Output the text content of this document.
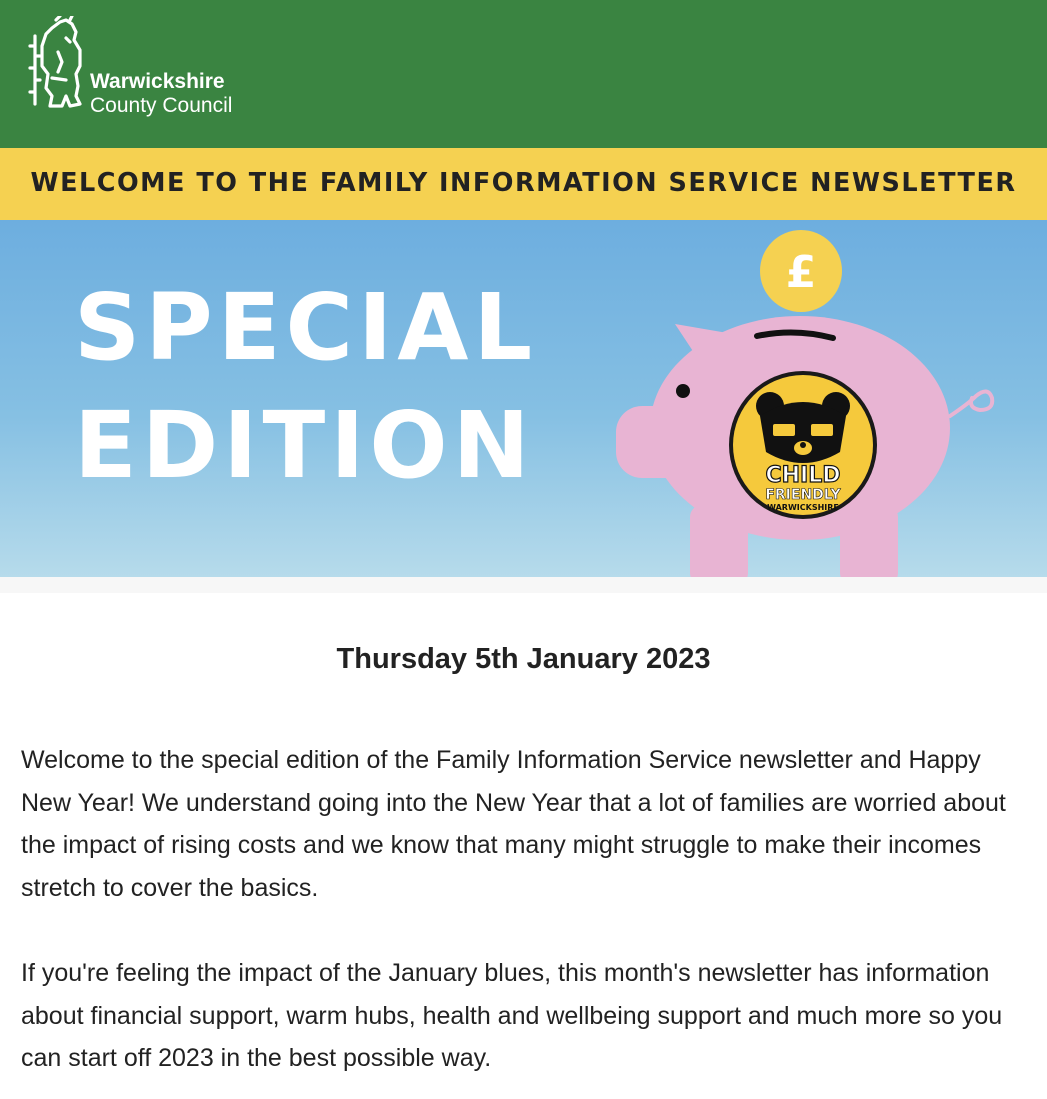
Warwickshire
County Council
WELCOME TO THE FAMILY INFORMATION SERVICE NEWSLETTER
SPECIAL
EDITION
£
CHILD
FRIENDLY
WARWICKSHIRE
Thursday 5th January 2023

Welcome to the special edition of the Family Information Service newsletter and Happy New Year! We understand going into the New Year that a lot of families are worried about the impact of rising costs and we know that many might struggle to make their incomes stretch to cover the basics.

If you're feeling the impact of the January blues, this month's newsletter has information about financial support, warm hubs, health and wellbeing support and much more so you can start off 2023 in the best possible way.
